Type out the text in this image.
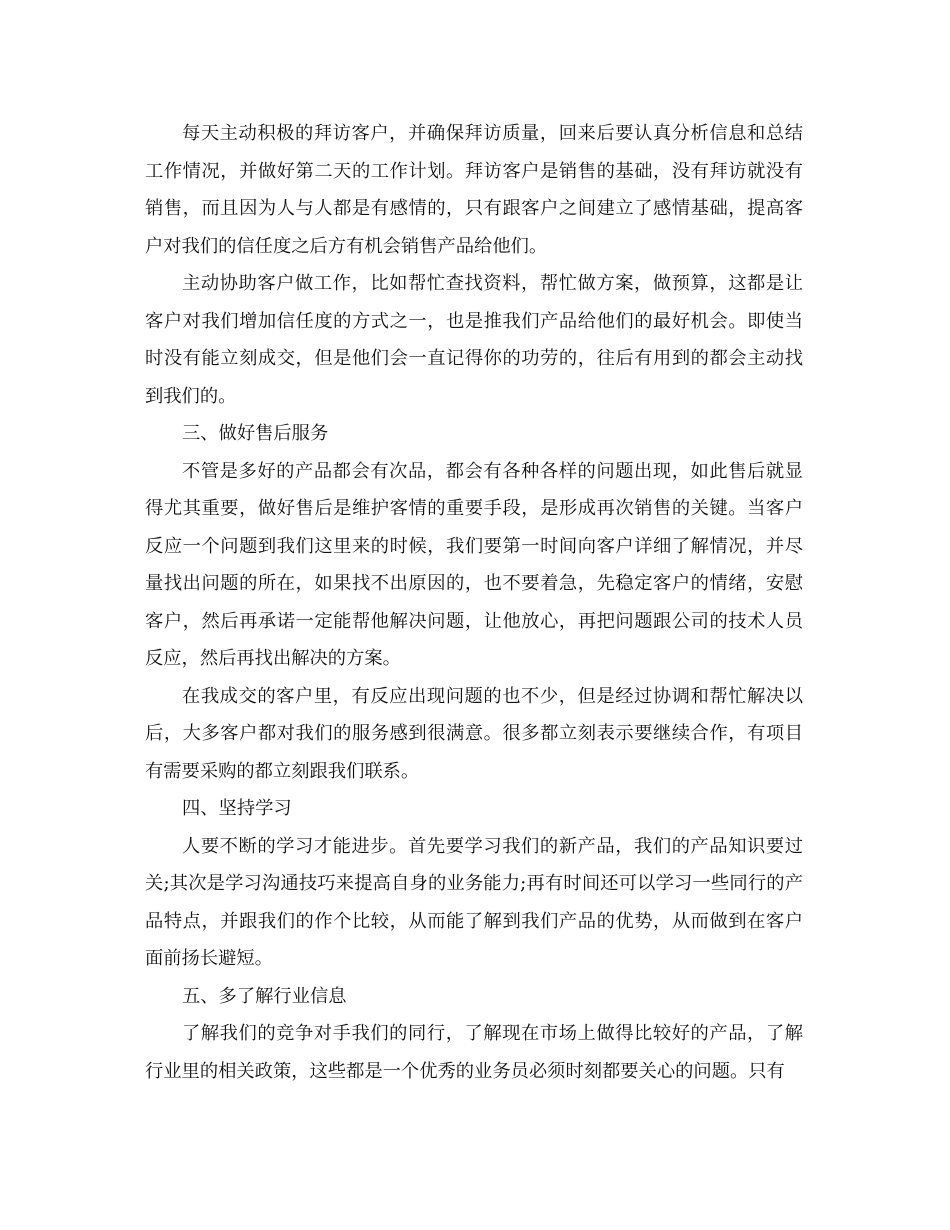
每天主动积极的拜访客户，并确保拜访质量，回来后要认真分析信息和总结工作情况，并做好第二天的工作计划。拜访客户是销售的基础，没有拜访就没有销售，而且因为人与人都是有感情的，只有跟客户之间建立了感情基础，提高客户对我们的信任度之后方有机会销售产品给他们。

主动协助客户做工作，比如帮忙查找资料，帮忙做方案，做预算，这都是让客户对我们增加信任度的方式之一，也是推我们产品给他们的最好机会。即使当时没有能立刻成交，但是他们会一直记得你的功劳的，往后有用到的都会主动找到我们的。

三、做好售后服务

不管是多好的产品都会有次品，都会有各种各样的问题出现，如此售后就显得尤其重要，做好售后是维护客情的重要手段，是形成再次销售的关键。当客户反应一个问题到我们这里来的时候，我们要第一时间向客户详细了解情况，并尽量找出问题的所在，如果找不出原因的，也不要着急，先稳定客户的情绪，安慰客户，然后再承诺一定能帮他解决问题，让他放心，再把问题跟公司的技术人员反应，然后再找出解决的方案。

在我成交的客户里，有反应出现问题的也不少，但是经过协调和帮忙解决以后，大多客户都对我们的服务感到很满意。很多都立刻表示要继续合作，有项目有需要采购的都立刻跟我们联系。

四、坚持学习

人要不断的学习才能进步。首先要学习我们的新产品，我们的产品知识要过关;其次是学习沟通技巧来提高自身的业务能力;再有时间还可以学习一些同行的产品特点，并跟我们的作个比较，从而能了解到我们产品的优势，从而做到在客户面前扬长避短。

五、多了解行业信息

了解我们的竞争对手我们的同行，了解现在市场上做得比较好的产品，了解行业里的相关政策，这些都是一个优秀的业务员必须时刻都要关心的问题。只有
